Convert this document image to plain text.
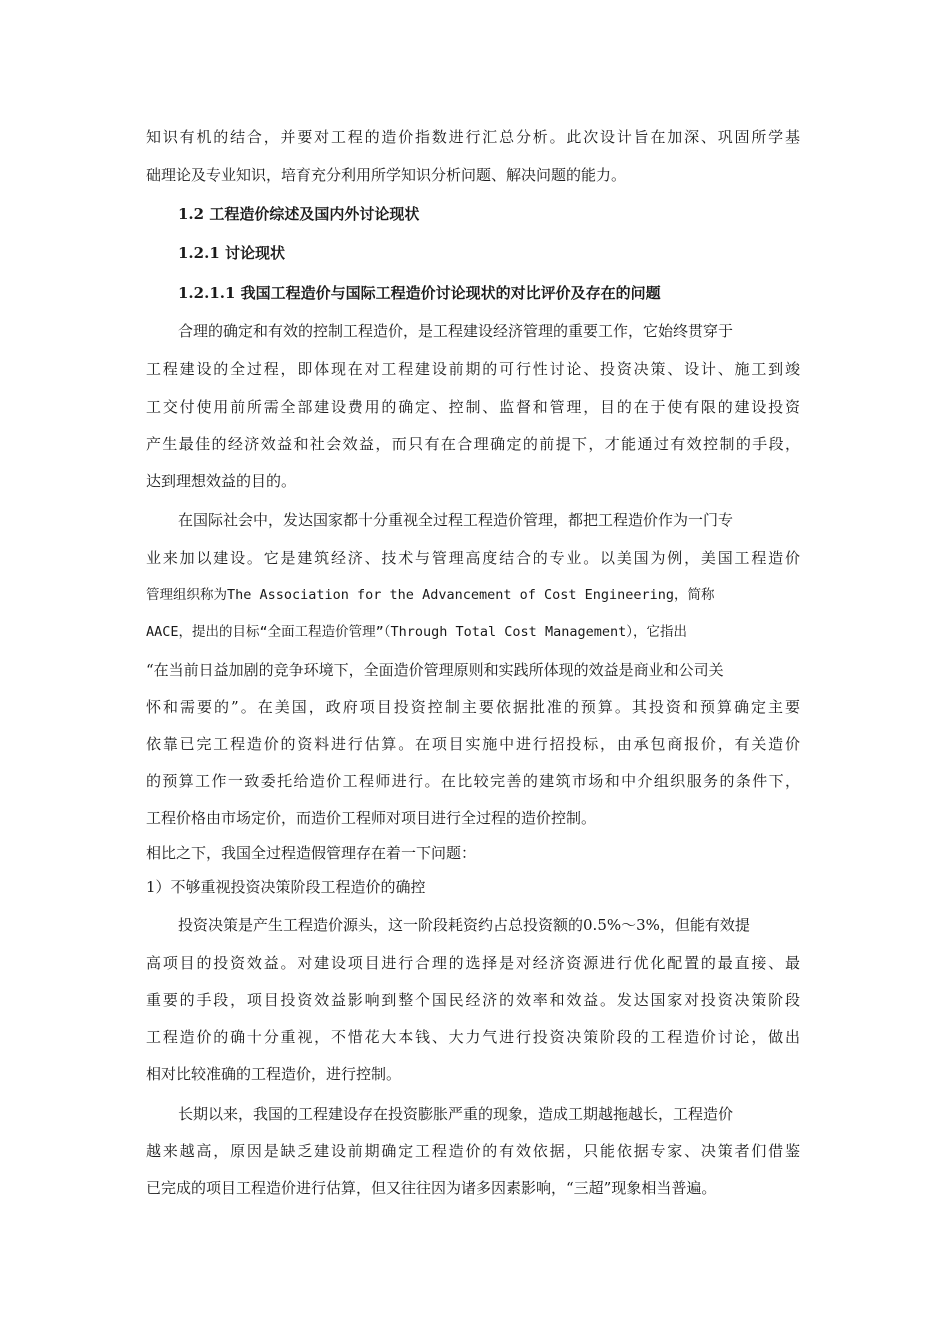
知识有机的结合，并要对工程的造价指数进行汇总分析。此次设计旨在加深、巩固所学基
础理论及专业知识，培育充分利用所学知识分析问题、解决问题的能力。
1.2 工程造价综述及国内外讨论现状
1.2.1 讨论现状
1.2.1.1 我国工程造价与国际工程造价讨论现状的对比评价及存在的问题
合理的确定和有效的控制工程造价，是工程建设经济管理的重要工作，它始终贯穿于
工程建设的全过程，即体现在对工程建设前期的可行性讨论、投资决策、设计、施工到竣
工交付使用前所需全部建设费用的确定、控制、监督和管理，目的在于使有限的建设投资
产生最佳的经济效益和社会效益，而只有在合理确定的前提下，才能通过有效控制的手段，
达到理想效益的目的。
在国际社会中，发达国家都十分重视全过程工程造价管理，都把工程造价作为一门专
业来加以建设。它是建筑经济、技术与管理高度结合的专业。以美国为例，美国工程造价
管理组织称为The Association for the Advancement of Cost Engineering，简称
AACE，提出的目标“全面工程造价管理”（Through Total Cost Management），它指出
“在当前日益加剧的竞争环境下，全面造价管理原则和实践所体现的效益是商业和公司关
怀和需要的”。在美国，政府项目投资控制主要依据批准的预算。其投资和预算确定主要
依靠已完工程造价的资料进行估算。在项目实施中进行招投标，由承包商报价，有关造价
的预算工作一致委托给造价工程师进行。在比较完善的建筑市场和中介组织服务的条件下，
工程价格由市场定价，而造价工程师对项目进行全过程的造价控制。
相比之下，我国全过程造假管理存在着一下问题：
1）不够重视投资决策阶段工程造价的确控
投资决策是产生工程造价源头，这一阶段耗资约占总投资额的0.5%～3%，但能有效提
高项目的投资效益。对建设项目进行合理的选择是对经济资源进行优化配置的最直接、最
重要的手段，项目投资效益影响到整个国民经济的效率和效益。发达国家对投资决策阶段
工程造价的确十分重视，不惜花大本钱、大力气进行投资决策阶段的工程造价讨论，做出
相对比较准确的工程造价，进行控制。
长期以来，我国的工程建设存在投资膨胀严重的现象，造成工期越拖越长，工程造价
越来越高，原因是缺乏建设前期确定工程造价的有效依据，只能依据专家、决策者们借鉴
已完成的项目工程造价进行估算，但又往往因为诸多因素影响，“三超”现象相当普遍。
